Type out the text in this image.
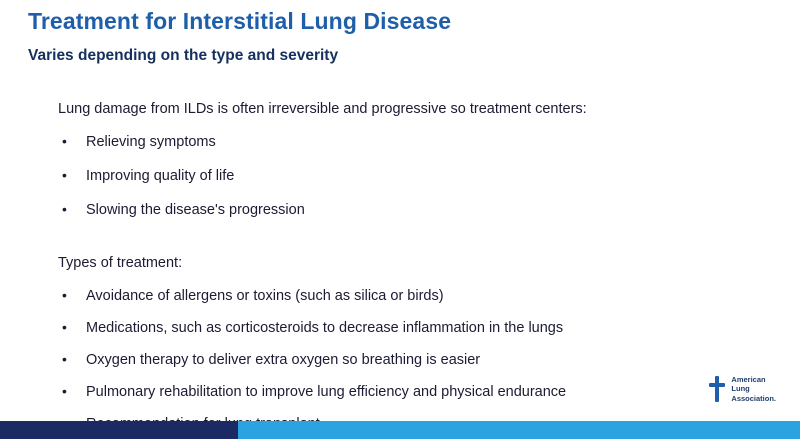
Treatment for Interstitial Lung Disease
Varies depending on the type and severity

Lung damage from ILDs is often irreversible and progressive so treatment centers:

• Relieving symptoms
• Improving quality of life
• Slowing the disease's progression

Types of treatment:

• Avoidance of allergens or toxins (such as silica or birds)
• Medications, such as corticosteroids to decrease inflammation in the lungs
• Oxygen therapy to deliver extra oxygen so breathing is easier
• Pulmonary rehabilitation to improve lung efficiency and physical endurance
•
American
Lung
Association.
